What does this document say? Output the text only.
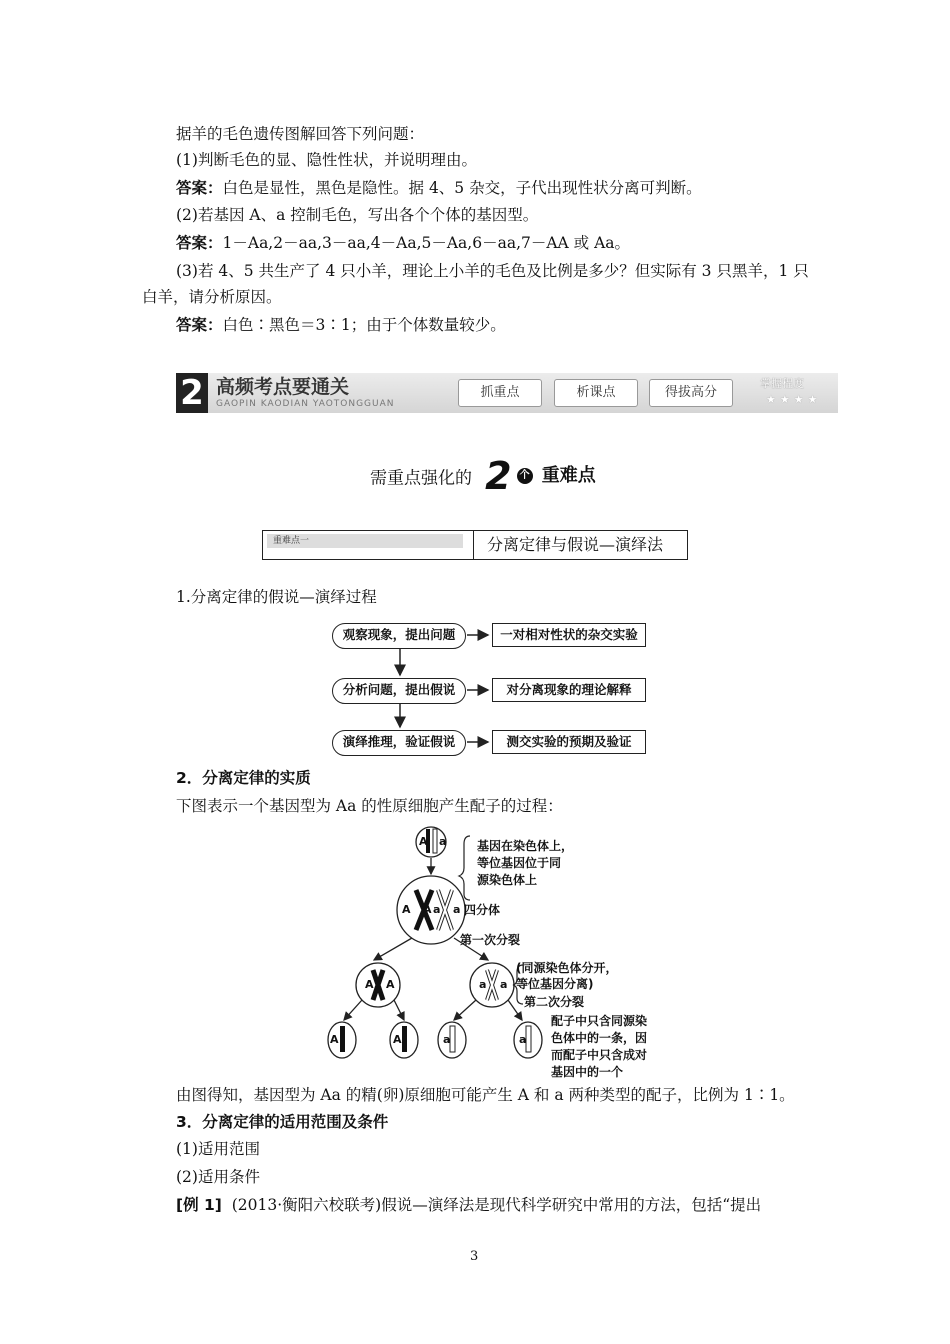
据羊的毛色遗传图解回答下列问题：
(1)判断毛色的显、隐性性状，并说明理由。
答案：白色是显性，黑色是隐性。据 4、5 杂交，子代出现性状分离可判断。
(2)若基因 A、a 控制毛色，写出各个个体的基因型。
答案：1－Aa,2－aa,3－aa,4－Aa,5－Aa,6－aa,7－AA 或 Aa。
(3)若 4、5 共生产了 4 只小羊，理论上小羊的毛色及比例是多少？但实际有 3 只黑羊，1 只
白羊，请分析原因。
答案：白色∶黑色＝3∶1；由于个体数量较少。
2 高频考点要通关
GAOPIN KAODIAN YAOTONGGUAN
抓重点	析课点	得拔高分
掌握程度
★★★★
需重点强化的 2 个 重难点
重难点一	分离定律与假说—演绎法
1.分离定律的假说—演绎过程
观察现象，提出问题
分析问题，提出假说
演绎推理，验证假说
一对相对性状的杂交实验
对分离现象的理论解释
测交实验的预期及验证
2．分离定律的实质
下图表示一个基因型为 Aa 的性原细胞产生配子的过程：
A a	基因在染色体上，
等位基因位于同
源染色体上
A A a a 四分体
第一次分裂
A A	a a
(同源染色体分开，
等位基因分离)
第二次分裂
A	A	a	a
配子中只含同源染
色体中的一条，因
而配子中只含成对
基因中的一个
由图得知，基因型为 Aa 的精(卵)原细胞可能产生 A 和 a 两种类型的配子，比例为 1∶1。
3．分离定律的适用范围及条件
(1)适用范围
(2)适用条件
[例 1] (2013·衡阳六校联考)假说—演绎法是现代科学研究中常用的方法，包括“提出
3
